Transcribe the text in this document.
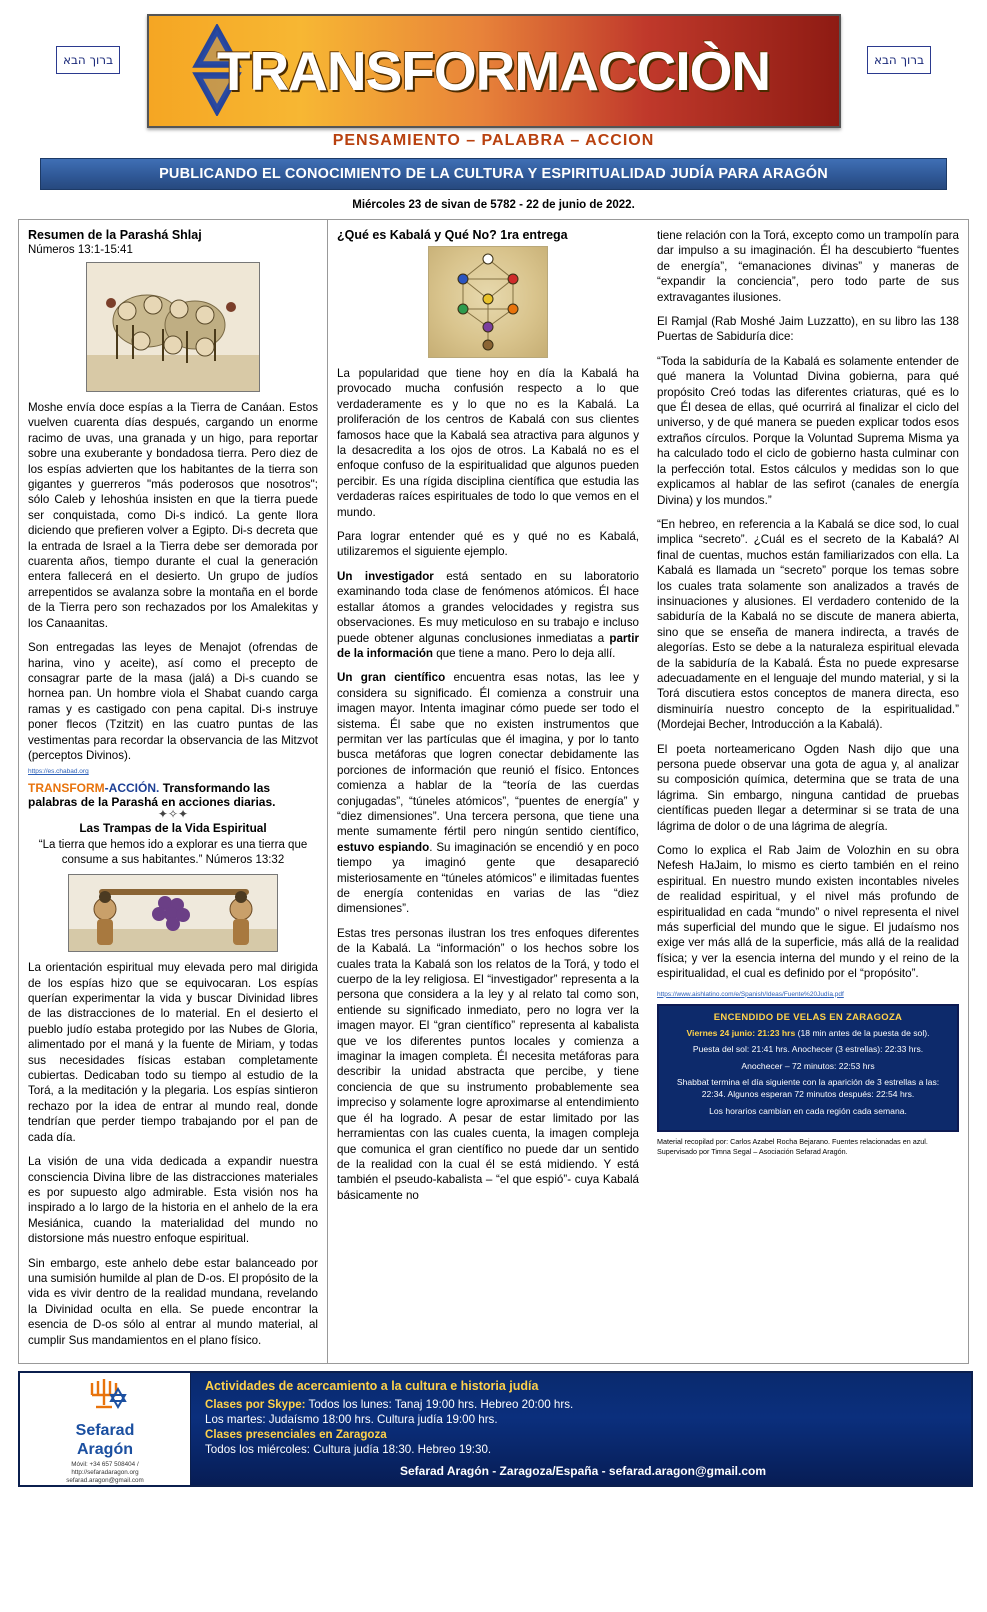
ברוך הבא	ברוך הבא
TRANSFORMACCIÒN
PENSAMIENTO – PALABRA – ACCION
PUBLICANDO EL CONOCIMIENTO DE LA CULTURA Y ESPIRITUALIDAD JUDÍA PARA ARAGÓN
Miércoles 23 de sivan de 5782 - 22 de junio de 2022.
Resumen de la Parashá Shlaj
Números 13:1-15:41

Moshe envía doce espías a la Tierra de Canáan. Estos vuelven cuarenta días después, cargando un enorme racimo de uvas, una granada y un higo, para reportar sobre una exuberante y bondadosa tierra. Pero diez de los espías advierten que los habitantes de la tierra son gigantes y guerreros "más poderosos que nosotros"; sólo Caleb y Iehoshúa insisten en que la tierra puede ser conquistada, como Di-s indicó. La gente llora diciendo que prefieren volver a Egipto. Di-s decreta que la entrada de Israel a la Tierra debe ser demorada por cuarenta años, tiempo durante el cual la generación entera fallecerá en el desierto. Un grupo de judíos arrepentidos se avalanza sobre la montaña en el borde de la Tierra pero son rechazados por los Amalekitas y los Canaanitas.

Son entregadas las leyes de Menajot (ofrendas de harina, vino y aceite), así como el precepto de consagrar parte de la masa (jalá) a Di-s cuando se hornea pan. Un hombre viola el Shabat cuando carga ramas y es castigado con pena capital. Di-s instruye poner flecos (Tzitzit) en las cuatro puntas de las vestimentas para recordar la observancia de las Mitzvot (perceptos Divinos).

https://es.chabad.org
TRANSFORM-ACCIÓN. Transformando las palabras de la Parashá en acciones diarias.
✦✧✦
Las Trampas de la Vida Espiritual
“La tierra que hemos ido a explorar es una tierra que consume a sus habitantes.” Números 13:32

La orientación espiritual muy elevada pero mal dirigida de los espías hizo que se equivocaran. Los espías querían experimentar la vida y buscar Divinidad libres de las distracciones de lo material. En el desierto el pueblo judío estaba protegido por las Nubes de Gloria, alimentado por el maná y la fuente de Miriam, y todas sus necesidades físicas estaban completamente cubiertas. Dedicaban todo su tiempo al estudio de la Torá, a la meditación y la plegaria. Los espías sintieron rechazo por la idea de entrar al mundo real, donde tendrían que perder tiempo trabajando por el pan de cada día.

La visión de una vida dedicada a expandir nuestra consciencia Divina libre de las distracciones materiales es por supuesto algo admirable. Esta visión nos ha inspirado a lo largo de la historia en el anhelo de la era Mesiánica, cuando la materialidad del mundo no distorsione más nuestro enfoque espiritual.

Sin embargo, este anhelo debe estar balanceado por una sumisión humilde al plan de D-os. El propósito de la vida es vivir dentro de la realidad mundana, revelando la Divinidad oculta en ella. Se puede encontrar la esencia de D-os sólo al entrar al mundo material, al cumplir Sus mandamientos en el plano físico.

¿Qué es Kabalá y Qué No? 1ra entrega

La popularidad que tiene hoy en día la Kabalá ha provocado mucha confusión respecto a lo que verdaderamente es y lo que no es la Kabalá. La proliferación de los centros de Kabalá con sus clientes famosos hace que la Kabalá sea atractiva para algunos y la desacredita a los ojos de otros. La Kabalá no es el enfoque confuso de la espiritualidad que algunos pueden percibir. Es una rígida disciplina científica que estudia las verdaderas raíces espirituales de todo lo que vemos en el mundo.

Para lograr entender qué es y qué no es Kabalá, utilizaremos el siguiente ejemplo.

Un investigador está sentado en su laboratorio examinando toda clase de fenómenos atómicos. Él hace estallar átomos a grandes velocidades y registra sus observaciones. Es muy meticuloso en su trabajo e incluso puede obtener algunas conclusiones inmediatas a partir de la información que tiene a mano. Pero lo deja allí.

Un gran científico encuentra esas notas, las lee y considera su significado. Él comienza a construir una imagen mayor. Intenta imaginar cómo puede ser todo el sistema. Él sabe que no existen instrumentos que permitan ver las partículas que él imagina, y por lo tanto busca metáforas que logren conectar debidamente las porciones de información que reunió el físico. Entonces comienza a hablar de la “teoría de las cuerdas conjugadas”, “túneles atómicos”, “puentes de energía” y “diez dimensiones”. Una tercera persona, que tiene una mente sumamente fértil pero ningún sentido científico, estuvo espiando. Su imaginación se encendió y en poco tiempo ya imaginó gente que desapareció misteriosamente en “túneles atómicos” e ilimitadas fuentes de energía contenidas en varias de las “diez dimensiones”.

Estas tres personas ilustran los tres enfoques diferentes de la Kabalá. La “información” o los hechos sobre los cuales trata la Kabalá son los relatos de la Torá, y todo el cuerpo de la ley religiosa. El “investigador” representa a la persona que considera a la ley y al relato tal como son, entiende su significado inmediato, pero no logra ver la imagen mayor. El “gran científico” representa al kabalista que ve los diferentes puntos locales y comienza a imaginar la imagen completa. Él necesita metáforas para describir la unidad abstracta que percibe, y tiene conciencia de que su instrumento probablemente sea impreciso y solamente logre aproximarse al entendimiento que él ha logrado. A pesar de estar limitado por las herramientas con las cuales cuenta, la imagen compleja que comunica el gran científico no puede dar un sentido de la realidad con la cual él se está midiendo. Y está también el pseudo-kabalista – “el que espió”- cuya Kabalá básicamente no

tiene relación con la Torá, excepto como un trampolín para dar impulso a su imaginación. Él ha descubierto “fuentes de energía”, “emanaciones divinas” y maneras de “expandir la conciencia”, pero todo parte de sus extravagantes ilusiones.

El Ramjal (Rab Moshé Jaim Luzzatto), en su libro las 138 Puertas de Sabiduría dice:

“Toda la sabiduría de la Kabalá es solamente entender de qué manera la Voluntad Divina gobierna, para qué propósito Creó todas las diferentes criaturas, qué es lo que Él desea de ellas, qué ocurrirá al finalizar el ciclo del universo, y de qué manera se pueden explicar todos esos extraños círculos. Porque la Voluntad Suprema Misma ya ha calculado todo el ciclo de gobierno hasta culminar con la perfección total. Estos cálculos y medidas son lo que explicamos al hablar de las sefirot (canales de energía Divina) y los mundos.”

“En hebreo, en referencia a la Kabalá se dice sod, lo cual implica “secreto”. ¿Cuál es el secreto de la Kabalá? Al final de cuentas, muchos están familiarizados con ella. La Kabalá es llamada un “secreto” porque los temas sobre los cuales trata solamente son analizados a través de insinuaciones y alusiones. El verdadero contenido de la sabiduría de la Kabalá no se discute de manera abierta, sino que se enseña de manera indirecta, a través de alegorías. Esto se debe a la naturaleza espiritual elevada de la sabiduría de la Kabalá. Ésta no puede expresarse adecuadamente en el lenguaje del mundo material, y si la Torá discutiera estos conceptos de manera directa, eso disminuiría nuestro concepto de la espiritualidad.” (Mordejai Becher, Introducción a la Kabalá).

El poeta norteamericano Ogden Nash dijo que una persona puede observar una gota de agua y, al analizar su composición química, determina que se trata de una lágrima. Sin embargo, ninguna cantidad de pruebas científicas pueden llegar a determinar si se trata de una lágrima de dolor o de una lágrima de alegría.

Como lo explica el Rab Jaim de Volozhin en su obra Nefesh HaJaim, lo mismo es cierto también en el reino espiritual. En nuestro mundo existen incontables niveles de realidad espiritual, y el nivel más profundo de espiritualidad en cada “mundo” o nivel representa el nivel más superficial del mundo que le sigue. El judaísmo nos exige ver más allá de la superficie, más allá de la realidad física; y ver la esencia interna del mundo y el reino de la espiritualidad, el cual es definido por el “propósito”.

https://www.aishlatino.com/e/Spanish/Ideas/Fuente%20Judía.pdf
ENCENDIDO DE VELAS EN ZARAGOZA

Viernes 24 junio: 21:23 hrs (18 min antes de la puesta de sol).

Puesta del sol: 21:41 hrs. Anochecer (3 estrellas): 22:33 hrs.

Anochecer – 72 minutos: 22:53 hrs

Shabbat termina el día siguiente con la aparición de 3 estrellas a las: 22:34. Algunos esperan 72 minutos después: 22:54 hrs.

Los horarios cambian en cada región cada semana.

Material recopilad por: Carlos Azabel Rocha Bejarano. Fuentes relacionadas en azul.
Supervisado por Timna Segal – Asociación Sefarad Aragón.
Sefarad
Aragón
Móvil: +34 657 508404 /
http://sefaradaragon.org
sefarad.aragon@gmail.com
Actividades de acercamiento a la cultura e historia judía

Clases por Skype: Todos los lunes: Tanaj 19:00 hrs. Hebreo 20:00 hrs.

Los martes: Judaísmo 18:00 hrs. Cultura judía 19:00 hrs.

Clases presenciales en Zaragoza

Todos los miércoles: Cultura judía 18:30. Hebreo 19:30.

Sefarad Aragón - Zaragoza/España - sefarad.aragon@gmail.com
